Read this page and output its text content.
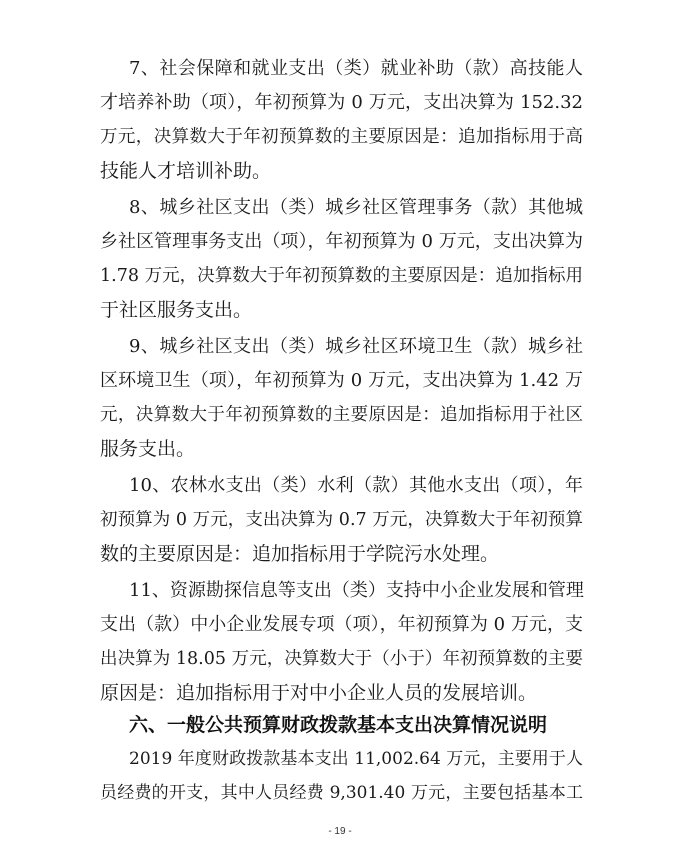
7、社会保障和就业支出（类）就业补助（款）高技能人
才培养补助（项），年初预算为 0 万元，支出决算为 152.32
万元，决算数大于年初预算数的主要原因是：追加指标用于高
技能人才培训补助。
8、城乡社区支出（类）城乡社区管理事务（款）其他城
乡社区管理事务支出（项），年初预算为 0 万元，支出决算为
1.78 万元，决算数大于年初预算数的主要原因是：追加指标用
于社区服务支出。
9、城乡社区支出（类）城乡社区环境卫生（款）城乡社
区环境卫生（项），年初预算为 0 万元，支出决算为 1.42 万
元，决算数大于年初预算数的主要原因是：追加指标用于社区
服务支出。
10、农林水支出（类）水利（款）其他水支出（项），年
初预算为 0 万元，支出决算为 0.7 万元，决算数大于年初预算
数的主要原因是：追加指标用于学院污水处理。
11、资源勘探信息等支出（类）支持中小企业发展和管理
支出（款）中小企业发展专项（项），年初预算为 0 万元，支
出决算为 18.05 万元，决算数大于（小于）年初预算数的主要
原因是：追加指标用于对中小企业人员的发展培训。
六、一般公共预算财政拨款基本支出决算情况说明
2019 年度财政拨款基本支出 11,002.64 万元，主要用于人
员经费的开支，其中人员经费 9,301.40 万元，主要包括基本工
- 19 -
